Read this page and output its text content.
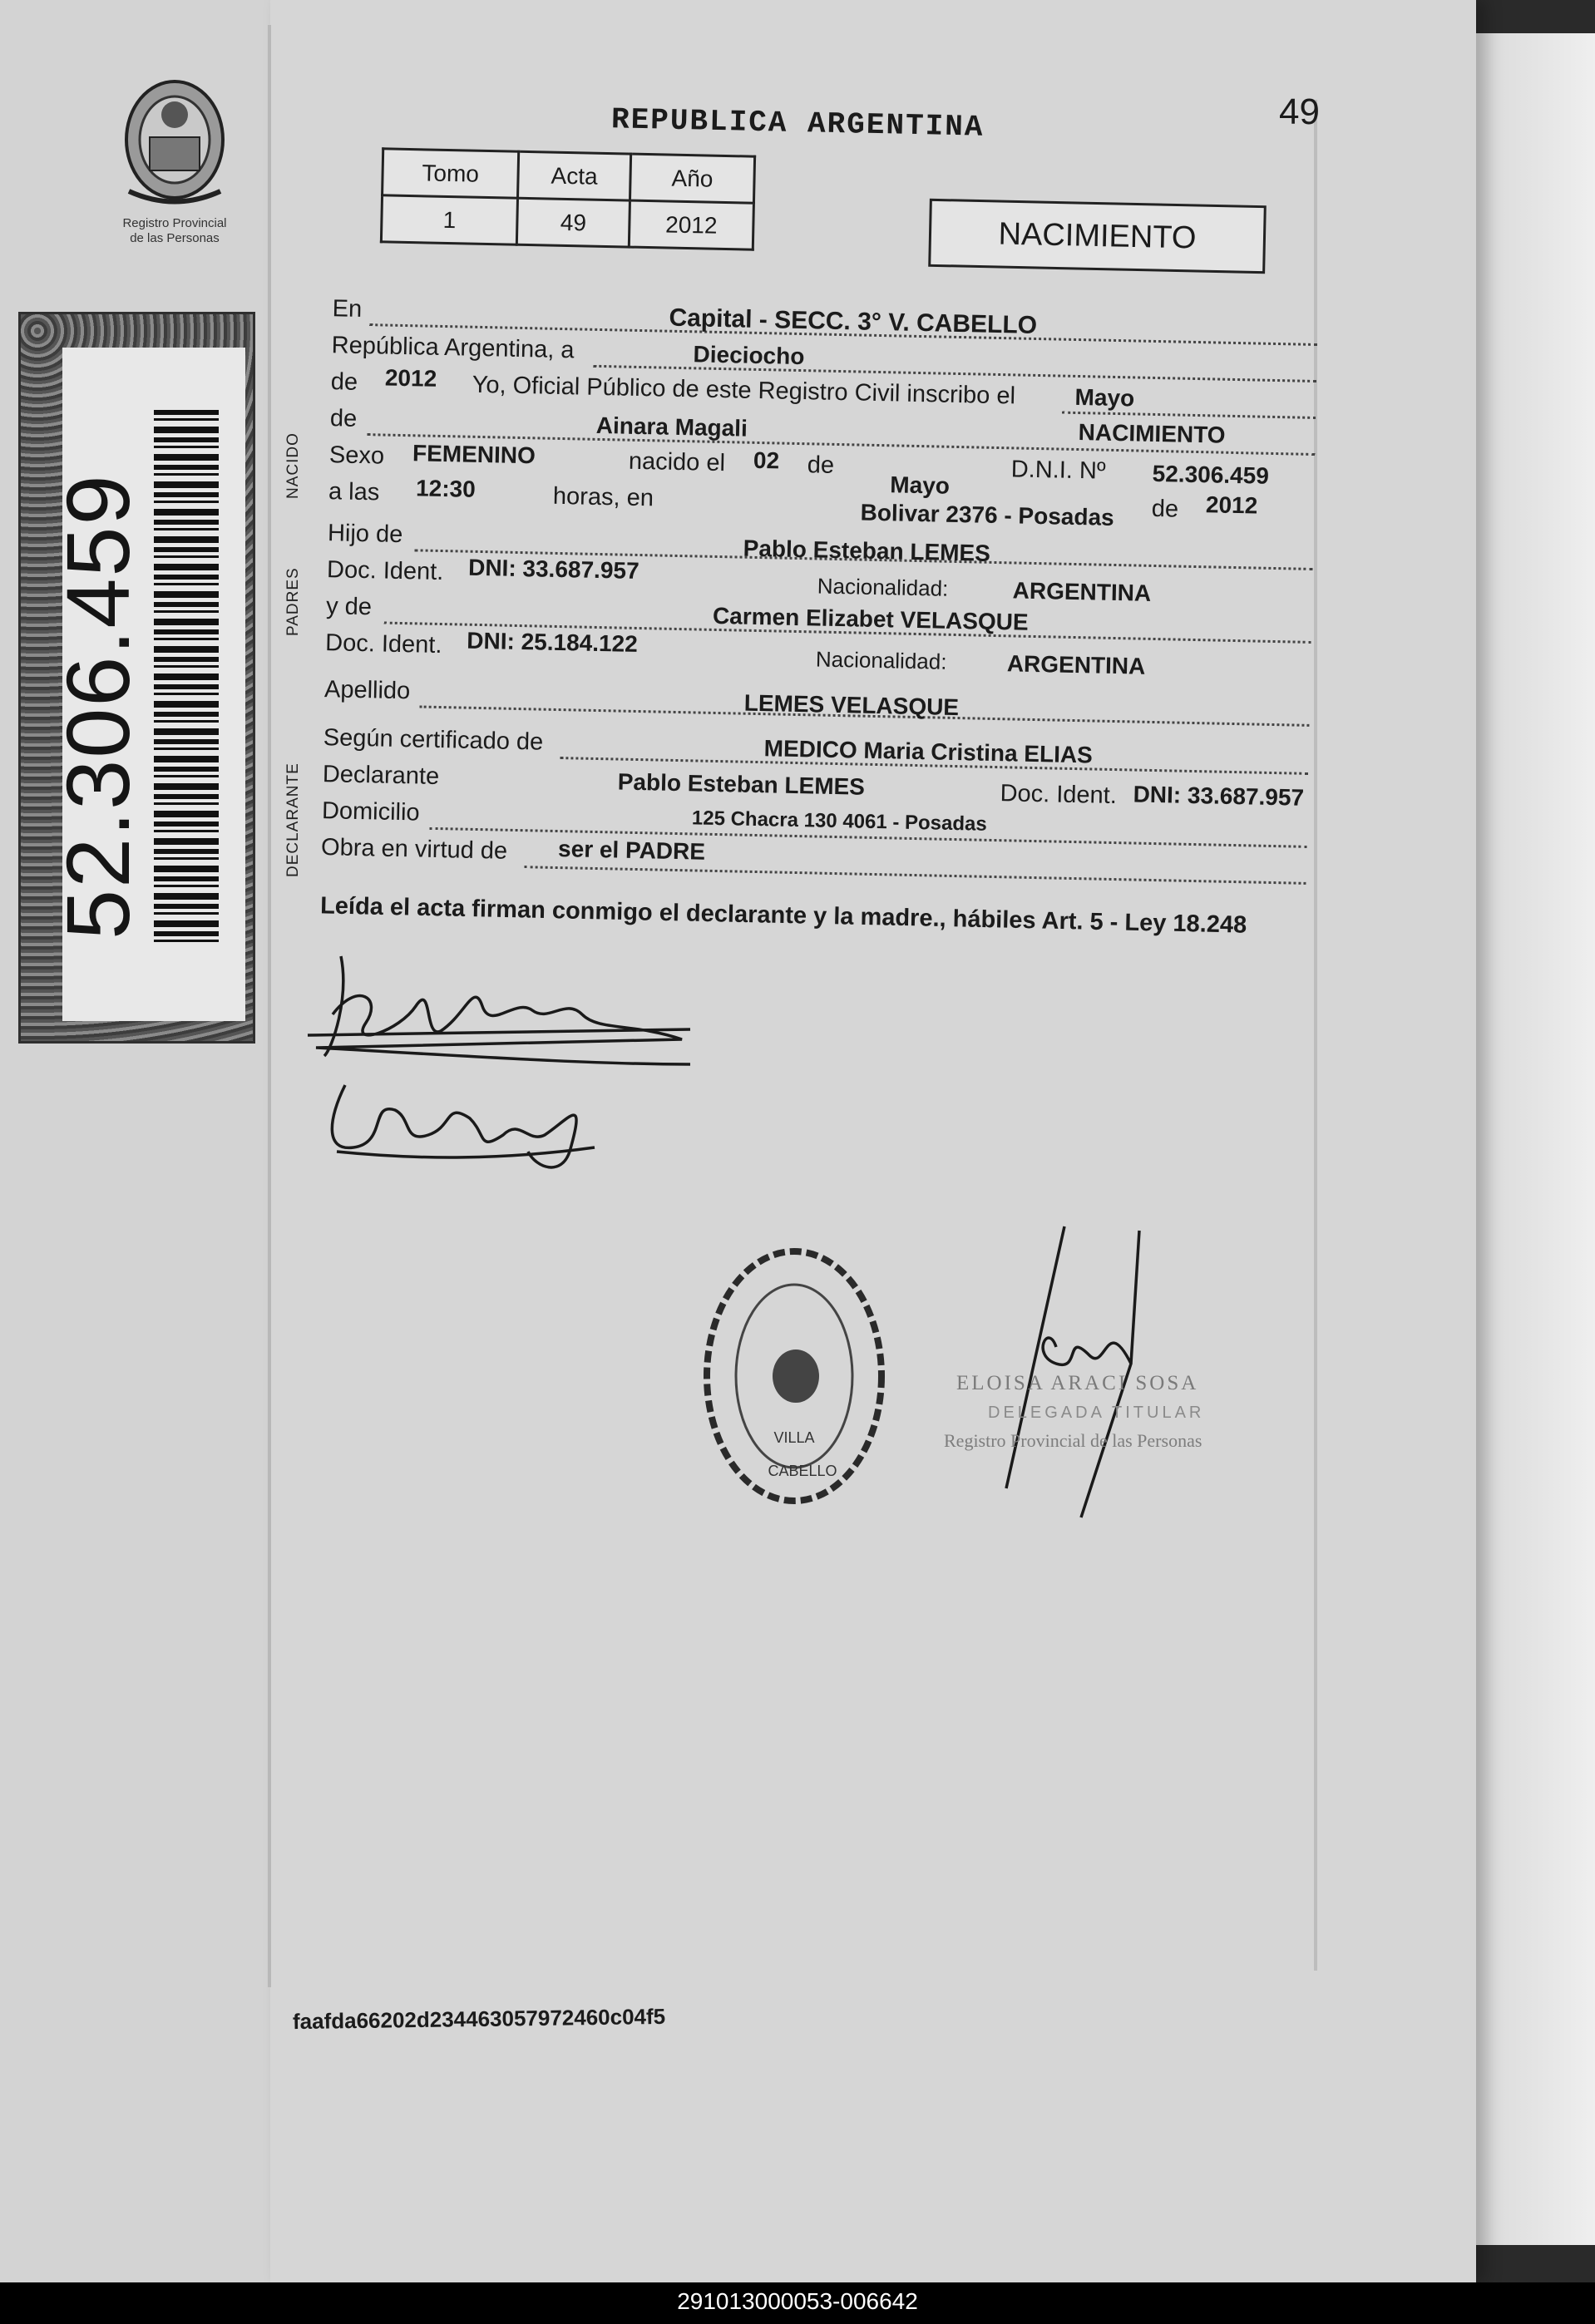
Registro Provincial
de las Personas
52.306.459
REPUBLICA ARGENTINA	49
Tomo	Acta	Año
1	49	2012	NACIMIENTO
NACIDO
PADRES
DECLARANTE
En	Capital - SECC. 3° V. CABELLO
República Argentina, a	Dieciocho
de 2012 Yo, Oficial Público de este Registro Civil inscribo el
de	Ainara Magali
Mayo
NACIMIENTO
Sexo FEMENINO	nacido el 02 de	D.N.I. Nº 52.306.459
a las 12:30	Mayo
horas, en
Bolivar 2376 - Posadas de 2012
Hijo de
Pablo Esteban LEMES
Doc. Ident. DNI: 33.687.957
Nacionalidad:	ARGENTINA
y de	Carmen Elizabet VELASQUE
Doc. Ident. DNI: 25.184.122
Nacionalidad:	ARGENTINA
Apellido	LEMES VELASQUE
Según certificado de	MEDICO Maria Cristina ELIAS
Declarante	Pablo Esteban LEMES	Doc. Ident. DNI: 33.687.957
Domicilio	125 Chacra 130 4061 - Posadas
Obra en virtud de ser el PADRE
Leída el acta firman conmigo el declarante y la madre., hábiles Art. 5 - Ley 18.248
VILLA
CABELLO
ELOISA ARACI SOSA
DELEGADA TITULAR
Registro Provincial de las Personas
faafda66202d234463057972460c04f5
291013000053-006642
